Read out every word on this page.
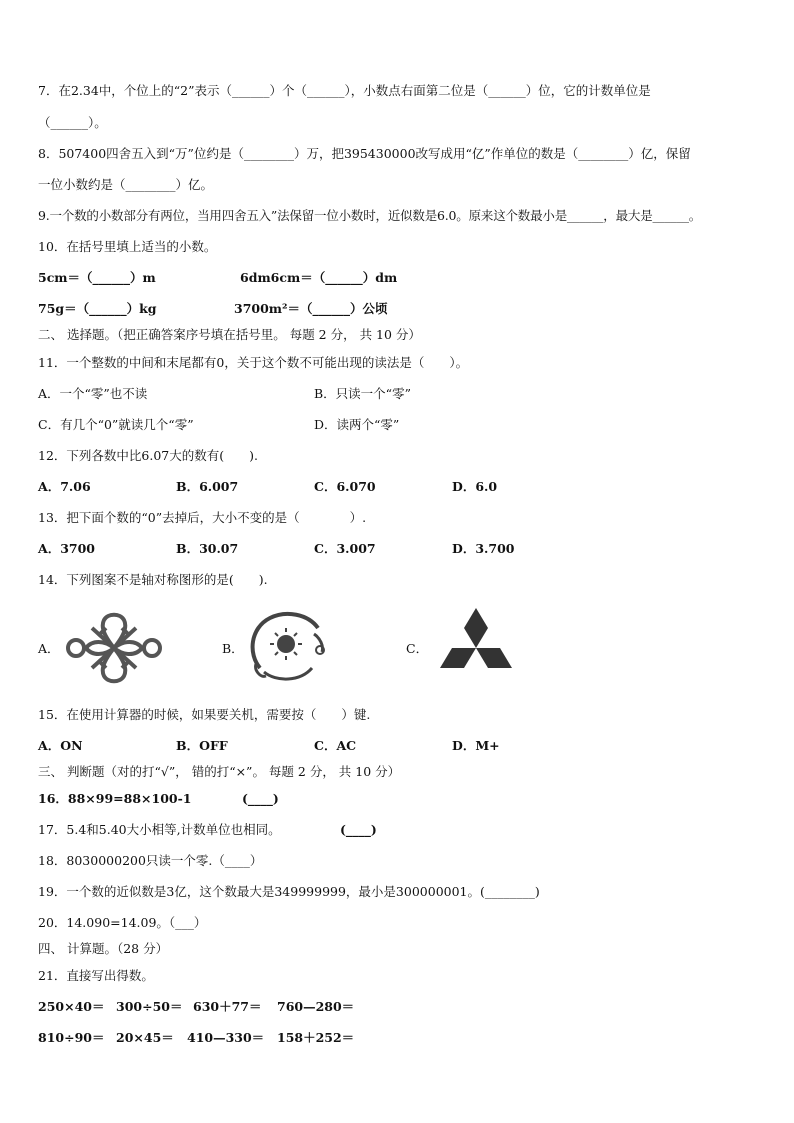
7．在2.34中，个位上的“2”表示（______）个（______），小数点右面第二位是（______）位，它的计数单位是
（______）。
8．507400四舍五入到“万”位约是（________）万，把395430000改写成用“亿”作单位的数是（________）亿，保留
一位小数约是（________）亿。
9.一个数的小数部分有两位，当用四舍五入”法保留一位小数时，近似数是6.0。原来这个数最小是______，最大是______。
10．在括号里填上适当的小数。
5cm＝（______）m	6dm6cm＝（______）dm
75g＝（______）kg	3700m²＝（______）公顷
二、 选择题。（把正确答案序号填在括号里。 每题 2 分， 共 10 分）
11．一个整数的中间和末尾都有0，关于这个数不可能出现的读法是（　　）。
A．一个“零”也不读	B．只读一个“零”
C．有几个“0”就读几个“零”	D．读两个“零”
12．下列各数中比6.07大的数有(　　).
A．7.06	B．6.007	C．6.070	D．6.0
13．把下面个数的“0”去掉后，大小不变的是（　　　　）.
A．3700	B．30.07	C．3.007	D．3.700
14．下列图案不是轴对称图形的是(　　).
A．	B．	C．
15．在使用计算器的时候，如果要关机，需要按（　　）键.
A．ON	B．OFF	C．AC	D．M+
三、 判断题（对的打“√”， 错的打“×”。 每题 2 分， 共 10 分）
16．88×99=88×100-1	(____)
17．5.4和5.40大小相等,计数单位也相同。	(____)
18．8030000200只读一个零.（____）
19．一个数的近似数是3亿，这个数最大是349999999，最小是300000001。(________)
20．14.090=14.09。（___）
四、 计算题。（28 分）
21．直接写出得数。
250×40＝ 300÷50＝ 630＋77＝ 760—280＝
810÷90＝ 20×45＝ 410—330＝ 158＋252＝
